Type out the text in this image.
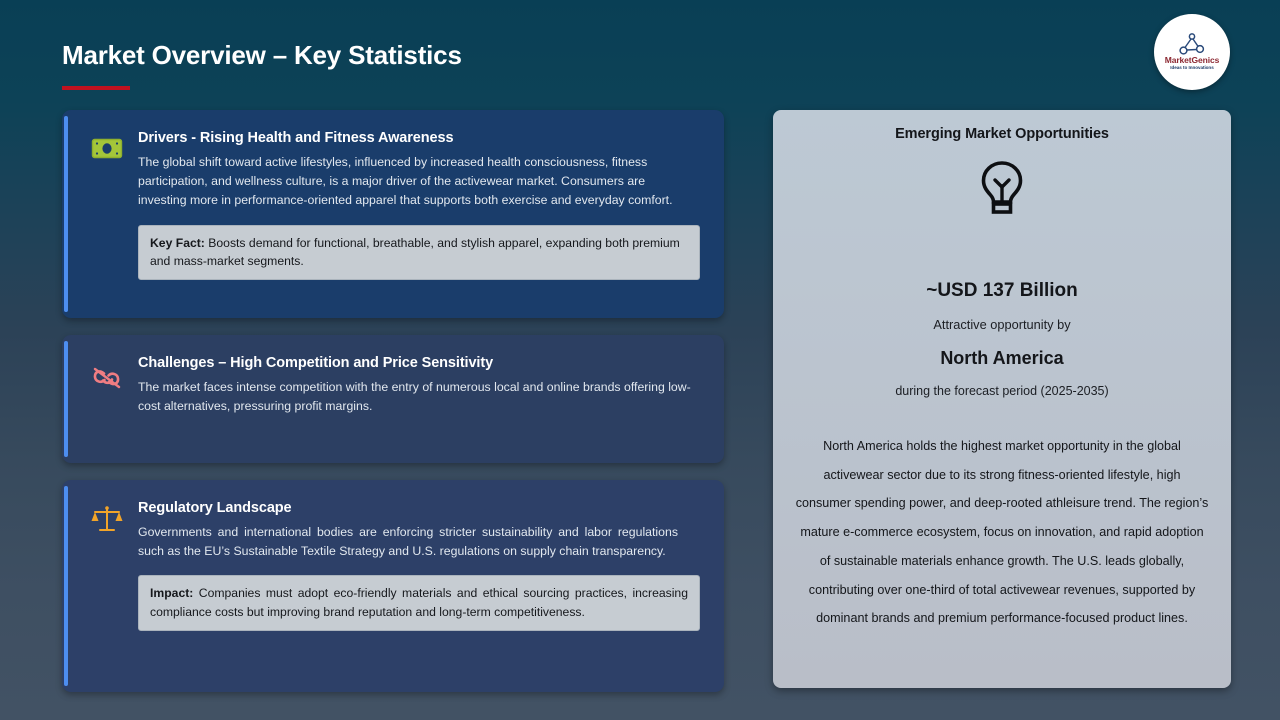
Market Overview – Key Statistics	MarketGenics
Ideas to Innovations
Drivers - Rising Health and Fitness Awareness
The global shift toward active lifestyles, influenced by increased health consciousness, fitness participation, and wellness culture, is a major driver of the activewear market. Consumers are investing more in performance-oriented apparel that supports both exercise and everyday comfort.
Key Fact: Boosts demand for functional, breathable, and stylish apparel, expanding both premium and mass-market segments.
Challenges – High Competition and Price Sensitivity
The market faces intense competition with the entry of numerous local and online brands offering low-cost alternatives, pressuring profit margins.
Regulatory Landscape
Governments and international bodies are enforcing stricter sustainability and labor regulations such as the EU’s Sustainable Textile Strategy and U.S. regulations on supply chain transparency.
Impact: Companies must adopt eco-friendly materials and ethical sourcing practices, increasing compliance costs but improving brand reputation and long-term competitiveness.
Emerging Market Opportunities
~USD 137 Billion
Attractive opportunity by
North America
during the forecast period (2025-2035)
North America holds the highest market opportunity in the global activewear sector due to its strong fitness-oriented lifestyle, high consumer spending power, and deep-rooted athleisure trend. The region’s mature e-commerce ecosystem, focus on innovation, and rapid adoption of sustainable materials enhance growth. The U.S. leads globally, contributing over one-third of total activewear revenues, supported by dominant brands and premium performance-focused product lines.
